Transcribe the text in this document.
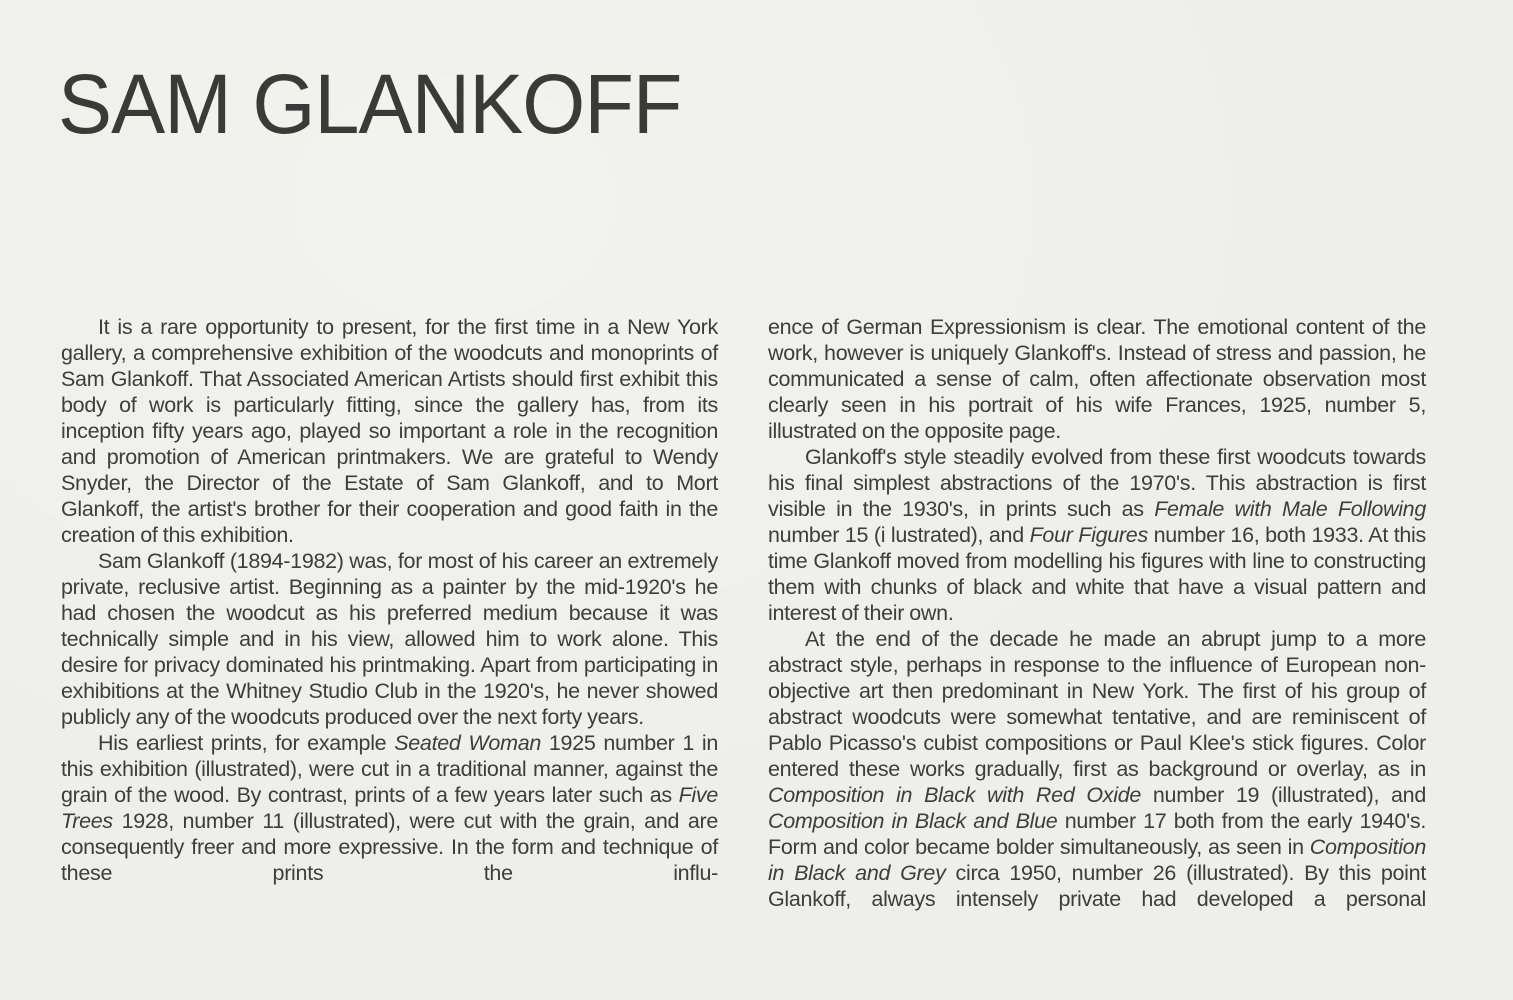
SAM GLANKOFF

It is a rare opportunity to present, for the first time in a New York gallery, a comprehensive exhibition of the woodcuts and monoprints of Sam Glankoff. That Associated American Artists should first exhibit this body of work is particularly fitting, since the gallery has, from its inception fifty years ago, played so important a role in the recognition and promotion of American printmakers. We are grateful to Wendy Snyder, the Director of the Estate of Sam Glankoff, and to Mort Glankoff, the artist's brother for their cooperation and good faith in the creation of this exhibition.

Sam Glankoff (1894-1982) was, for most of his career an extremely private, reclusive artist. Beginning as a painter by the mid-1920's he had chosen the woodcut as his preferred medium because it was technically simple and in his view, allowed him to work alone. This desire for privacy dominated his printmaking. Apart from participating in exhibitions at the Whitney Studio Club in the 1920's, he never showed publicly any of the woodcuts produced over the next forty years.

His earliest prints, for example Seated Woman 1925 number 1 in this exhibition (illustrated), were cut in a traditional manner, against the grain of the wood. By contrast, prints of a few years later such as Five Trees 1928, number 11 (illustrated), were cut with the grain, and are consequently freer and more expressive. In the form and technique of these prints the influ-

ence of German Expressionism is clear. The emotional content of the work, however is uniquely Glankoff's. Instead of stress and passion, he communicated a sense of calm, often affectionate observation most clearly seen in his portrait of his wife Frances, 1925, number 5, illustrated on the opposite page.

Glankoff's style steadily evolved from these first woodcuts towards his final simplest abstractions of the 1970's. This abstraction is first visible in the 1930's, in prints such as Female with Male Following number 15 (i lustrated), and Four Figures number 16, both 1933. At this time Glankoff moved from modelling his figures with line to constructing them with chunks of black and white that have a visual pattern and interest of their own.

At the end of the decade he made an abrupt jump to a more abstract style, perhaps in response to the influence of European non-objective art then predominant in New York. The first of his group of abstract woodcuts were somewhat tentative, and are reminiscent of Pablo Picasso's cubist compositions or Paul Klee's stick figures. Color entered these works gradually, first as background or overlay, as in Composition in Black with Red Oxide number 19 (illustrated), and Composition in Black and Blue number 17 both from the early 1940's. Form and color became bolder simultaneously, as seen in Composition in Black and Grey circa 1950, number 26 (illustrated). By this point Glankoff, always intensely private had developed a personal
